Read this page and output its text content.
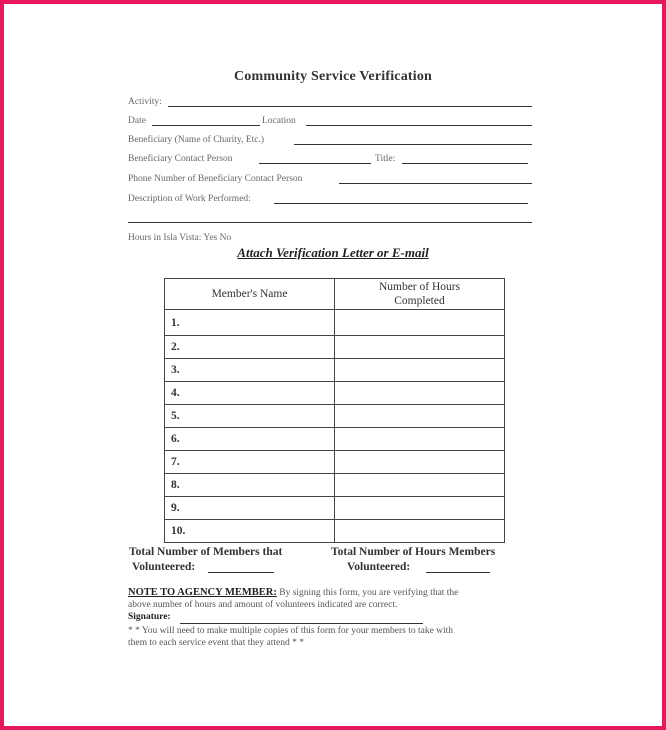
Community Service Verification
Activity:
Date	Location
Beneficiary (Name of Charity, Etc.)
Beneficiary Contact Person	Title:
Phone Number of Beneficiary Contact Person
Description of Work Performed:
Hours in Isla Vista: Yes No
Attach Verification Letter or E-mail
Member's Name	Number of Hours Completed
1.	
2.	
3.	
4.	
5.	
6.	
7.	
8.	
9.	
10.	
Total Number of Members that
Volunteered:
Total Number of Hours Members
Volunteered:
NOTE TO AGENCY MEMBER: By signing this form, you are verifying that the
above number of hours and amount of volunteers indicated are correct.
Signature:
* * You will need to make multiple copies of this form for your members to take with
them to each service event that they attend * *
